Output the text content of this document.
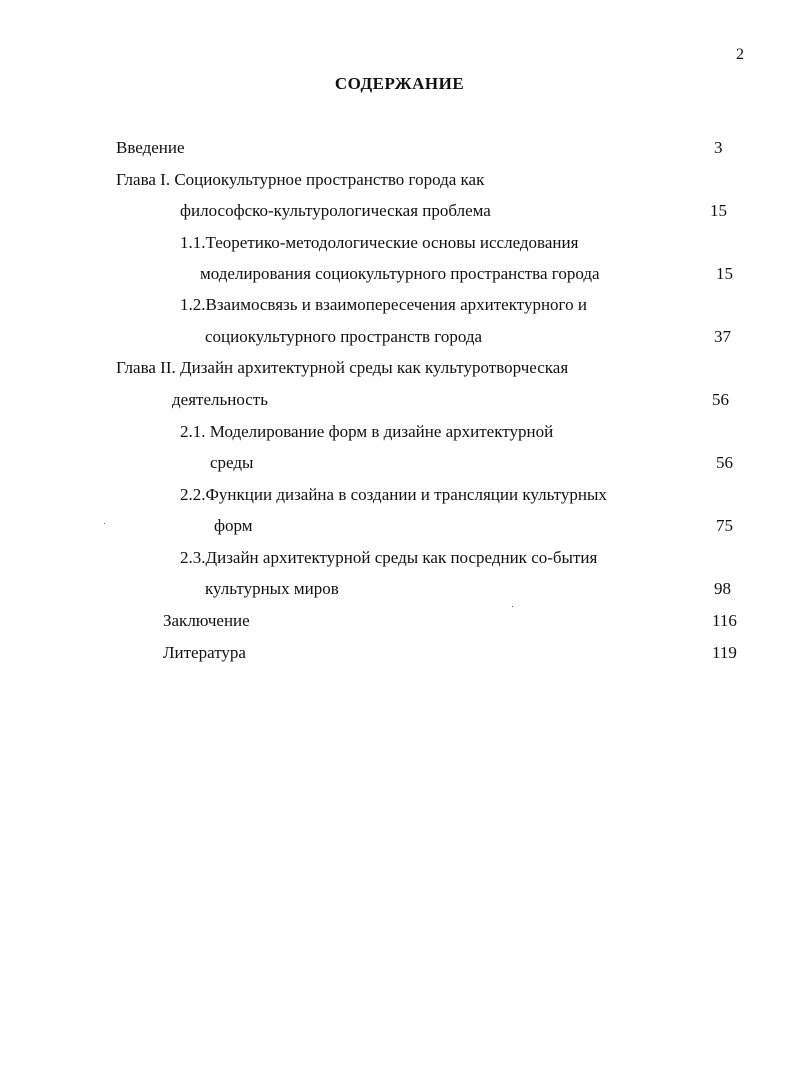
2
СОДЕРЖАНИЕ
Введение	3
Глава I. Социокультурное пространство города как
философско-культурологическая проблема	15
1.1.Теоретико-методологические основы исследования
моделирования социокультурного пространства города	15
1.2.Взаимосвязь и взаимопересечения архитектурного и
социокультурного пространств города	37
Глава II. Дизайн архитектурной среды как культуротворческая
деятельность	56
2.1. Моделирование форм в дизайне архитектурной
среды	56
2.2.Функции дизайна в создании и трансляции культурных
форм	75
2.3.Дизайн архитектурной среды как посредник со-бытия
культурных миров	98
Заключение	116
Литература	119
